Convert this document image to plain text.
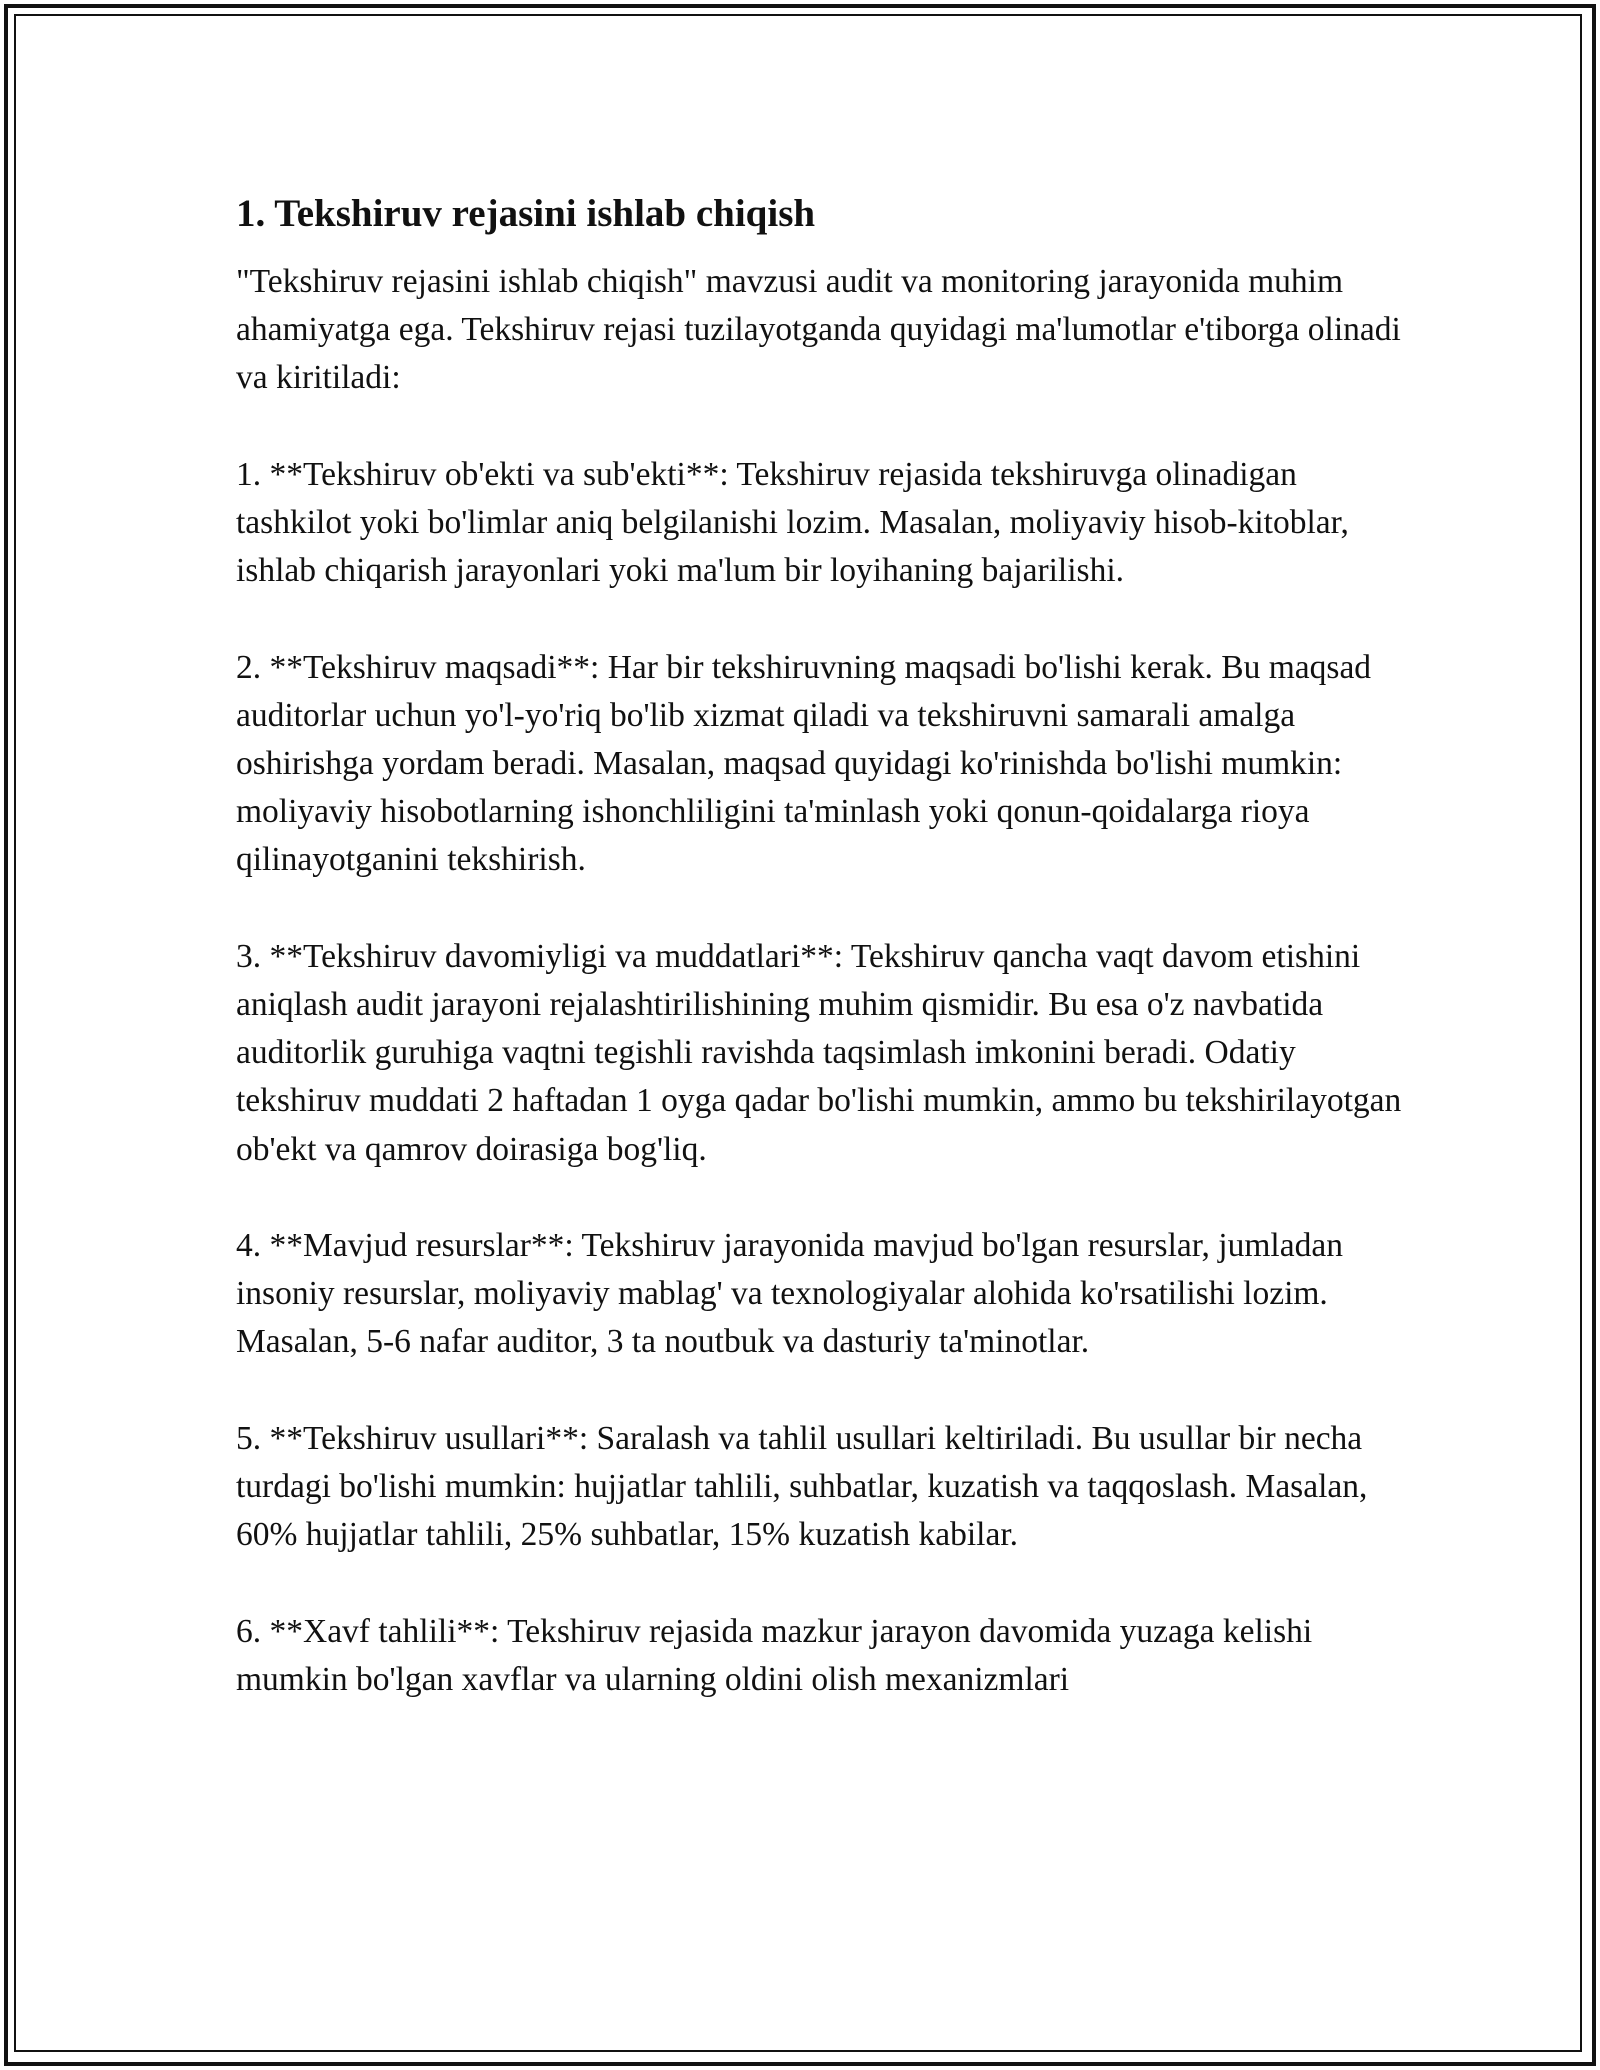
1. Tekshiruv rejasini ishlab chiqish

"Tekshiruv rejasini ishlab chiqish" mavzusi audit va monitoring jarayonida muhim ahamiyatga ega. Tekshiruv rejasi tuzilayotganda quyidagi ma'lumotlar e'tiborga olinadi va kiritiladi:

1. **Tekshiruv ob'ekti va sub'ekti**: Tekshiruv rejasida tekshiruvga olinadigan tashkilot yoki bo'limlar aniq belgilanishi lozim. Masalan, moliyaviy hisob-kitoblar, ishlab chiqarish jarayonlari yoki ma'lum bir loyihaning bajarilishi.

2. **Tekshiruv maqsadi**: Har bir tekshiruvning maqsadi bo'lishi kerak. Bu maqsad auditorlar uchun yo'l-yo'riq bo'lib xizmat qiladi va tekshiruvni samarali amalga oshirishga yordam beradi. Masalan, maqsad quyidagi ko'rinishda bo'lishi mumkin: moliyaviy hisobotlarning ishonchliligini ta'minlash yoki qonun-qoidalarga rioya qilinayotganini tekshirish.

3. **Tekshiruv davomiyligi va muddatlari**: Tekshiruv qancha vaqt davom etishini aniqlash audit jarayoni rejalashtirilishining muhim qismidir. Bu esa o'z navbatida auditorlik guruhiga vaqtni tegishli ravishda taqsimlash imkonini beradi. Odatiy tekshiruv muddati 2 haftadan 1 oyga qadar bo'lishi mumkin, ammo bu tekshirilayotgan ob'ekt va qamrov doirasiga bog'liq.

4. **Mavjud resurslar**: Tekshiruv jarayonida mavjud bo'lgan resurslar, jumladan insoniy resurslar, moliyaviy mablag' va texnologiyalar alohida ko'rsatilishi lozim. Masalan, 5-6 nafar auditor, 3 ta noutbuk va dasturiy ta'minotlar.

5. **Tekshiruv usullari**: Saralash va tahlil usullari keltiriladi. Bu usullar bir necha turdagi bo'lishi mumkin: hujjatlar tahlili, suhbatlar, kuzatish va taqqoslash. Masalan, 60% hujjatlar tahlili, 25% suhbatlar, 15% kuzatish kabilar.

6. **Xavf tahlili**: Tekshiruv rejasida mazkur jarayon davomida yuzaga kelishi mumkin bo'lgan xavflar va ularning oldini olish mexanizmlari
